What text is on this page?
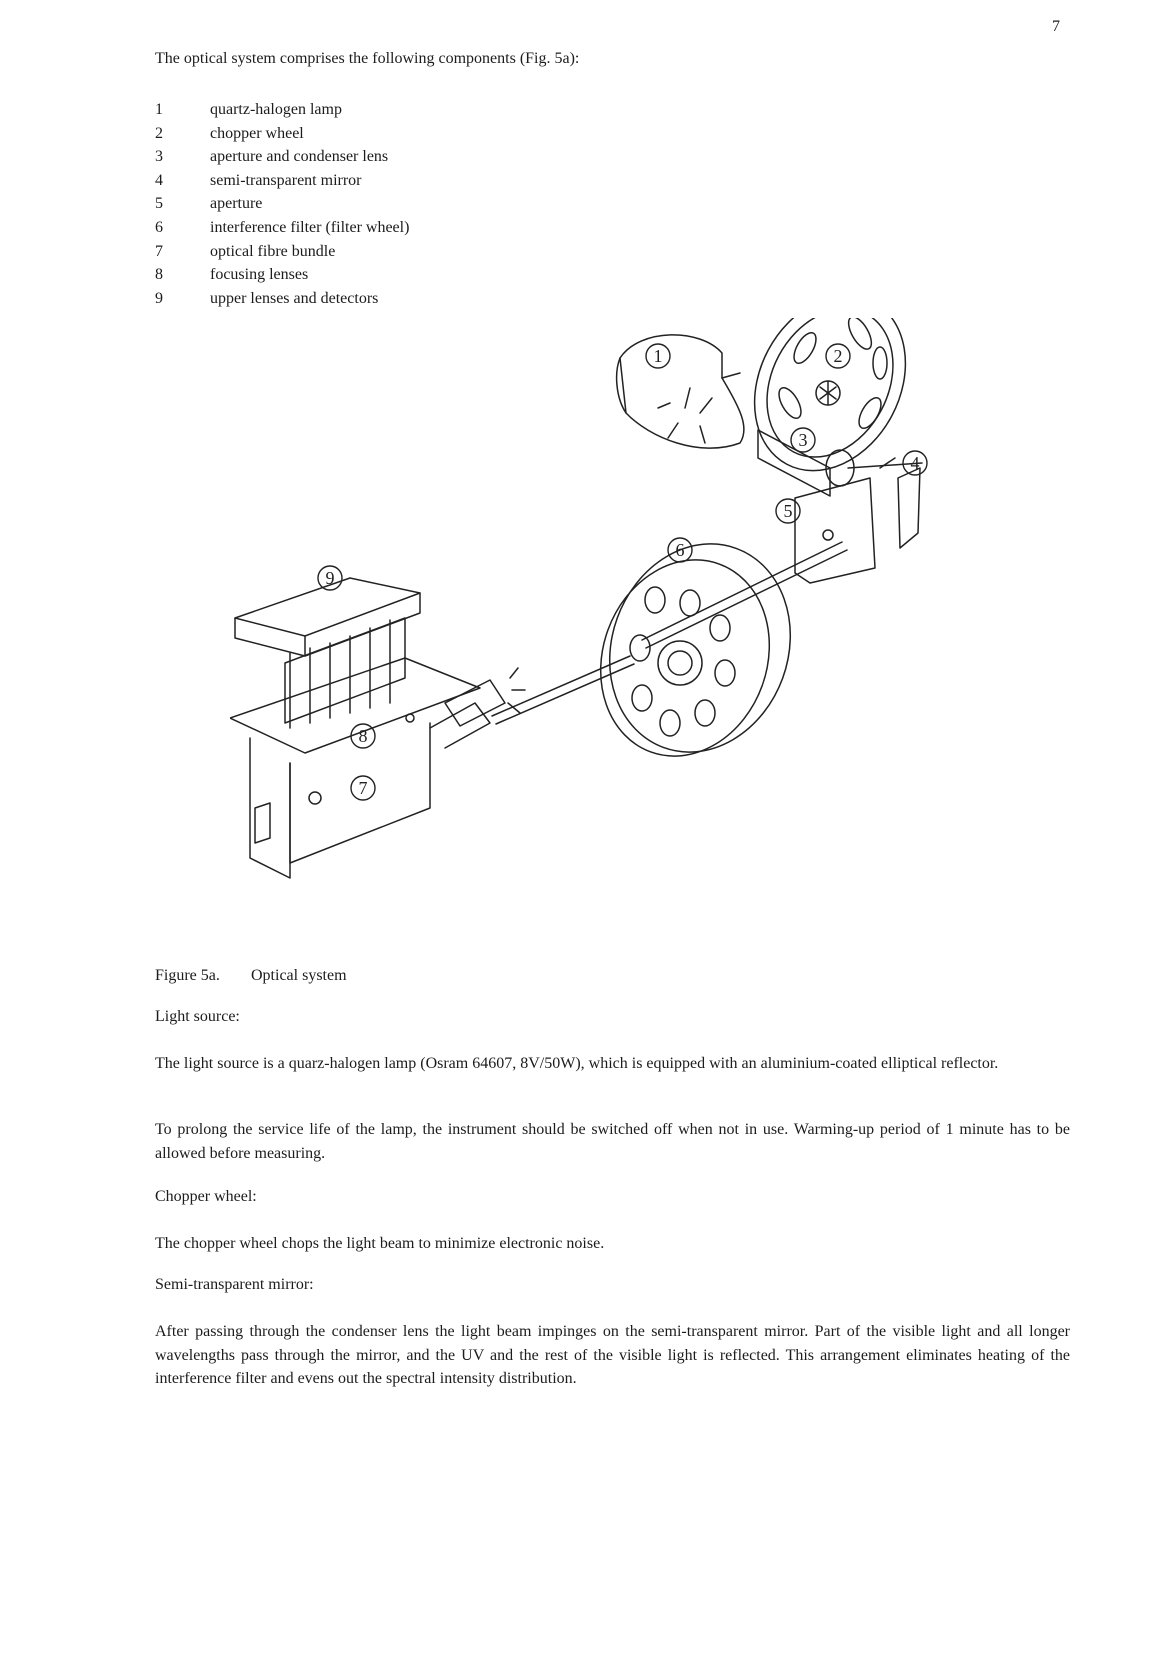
7
The optical system comprises the following components (Fig. 5a):
1	quartz-halogen lamp
2	chopper wheel
3	aperture and condenser lens
4	semi-transparent mirror
5	aperture
6	interference filter (filter wheel)
7	optical fibre bundle
8	focusing lenses
9	upper lenses and detectors
1	2
3
4
5
6
7
8
9
Figure 5a. Optical system
Light source:
The light source is a quarz-halogen lamp (Osram 64607, 8V/50W), which is equipped with an aluminium-coated elliptical reflector.
To prolong the service life of the lamp, the instrument should be switched off when not in use. Warming-up period of 1 minute has to be allowed before measuring.
Chopper wheel:
The chopper wheel chops the light beam to minimize electronic noise.
Semi-transparent mirror:
After passing through the condenser lens the light beam impinges on the semi-transparent mirror. Part of the visible light and all longer wavelengths pass through the mirror, and the UV and the rest of the visible light is reflected. This arrangement eliminates heating of the interference filter and evens out the spectral intensity distribution.
